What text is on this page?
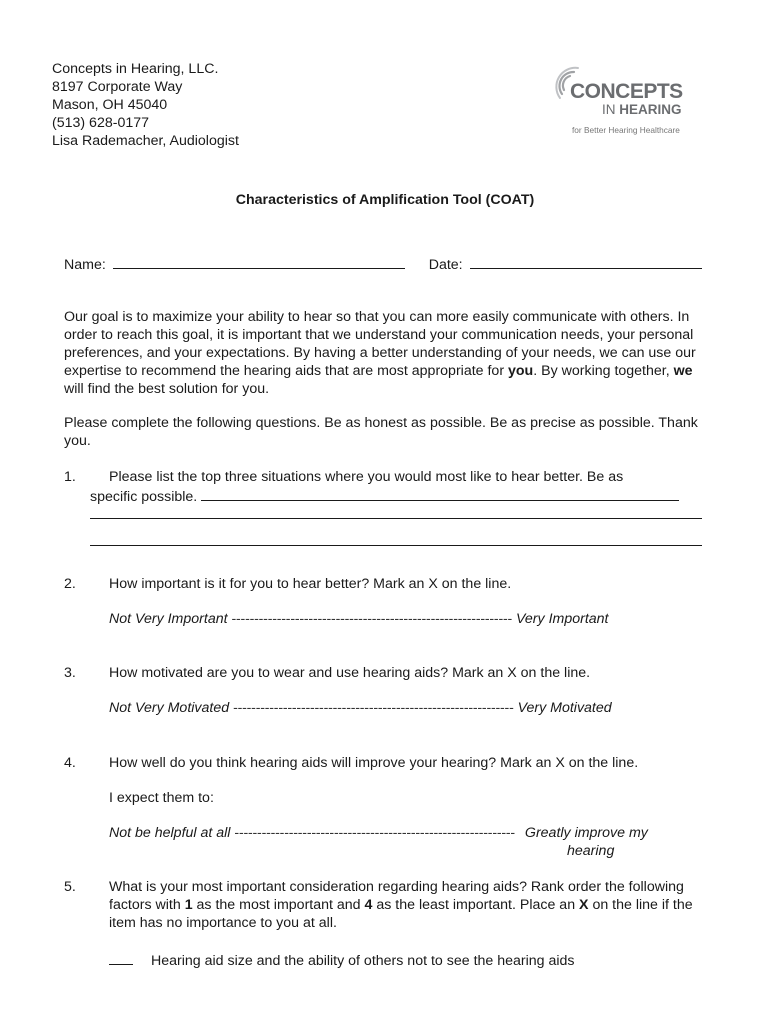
Concepts in Hearing, LLC.
8197 Corporate Way
Mason, OH 45040
(513) 628-0177
Lisa Rademacher, Audiologist
CONCEPTS
IN HEARING
for Better Hearing Healthcare
Characteristics of Amplification Tool (COAT)
Name:	Date:
Our goal is to maximize your ability to hear so that you can more easily communicate with others. In order to reach this goal, it is important that we understand your communication needs, your personal preferences, and your expectations. By having a better understanding of your needs, we can use our expertise to recommend the hearing aids that are most appropriate for you. By working together, we will find the best solution for you.
Please complete the following questions. Be as honest as possible. Be as precise as possible. Thank you.
1. Please list the top three situations where you would most like to hear better. Be as
specific possible.
2. How important is it for you to hear better? Mark an X on the line.
Not Very Important -------------------------------------------------------------- Very Important
3. How motivated are you to wear and use hearing aids? Mark an X on the line.
Not Very Motivated -------------------------------------------------------------- Very Motivated
4. How well do you think hearing aids will improve your hearing? Mark an X on the line.
I expect them to:
Not be helpful at all -------------------------------------------------------------- Greatly improve my
hearing
5. What is your most important consideration regarding hearing aids? Rank order the following factors with 1 as the most important and 4 as the least important. Place an X on the line if the item has no importance to you at all.
Hearing aid size and the ability of others not to see the hearing aids
